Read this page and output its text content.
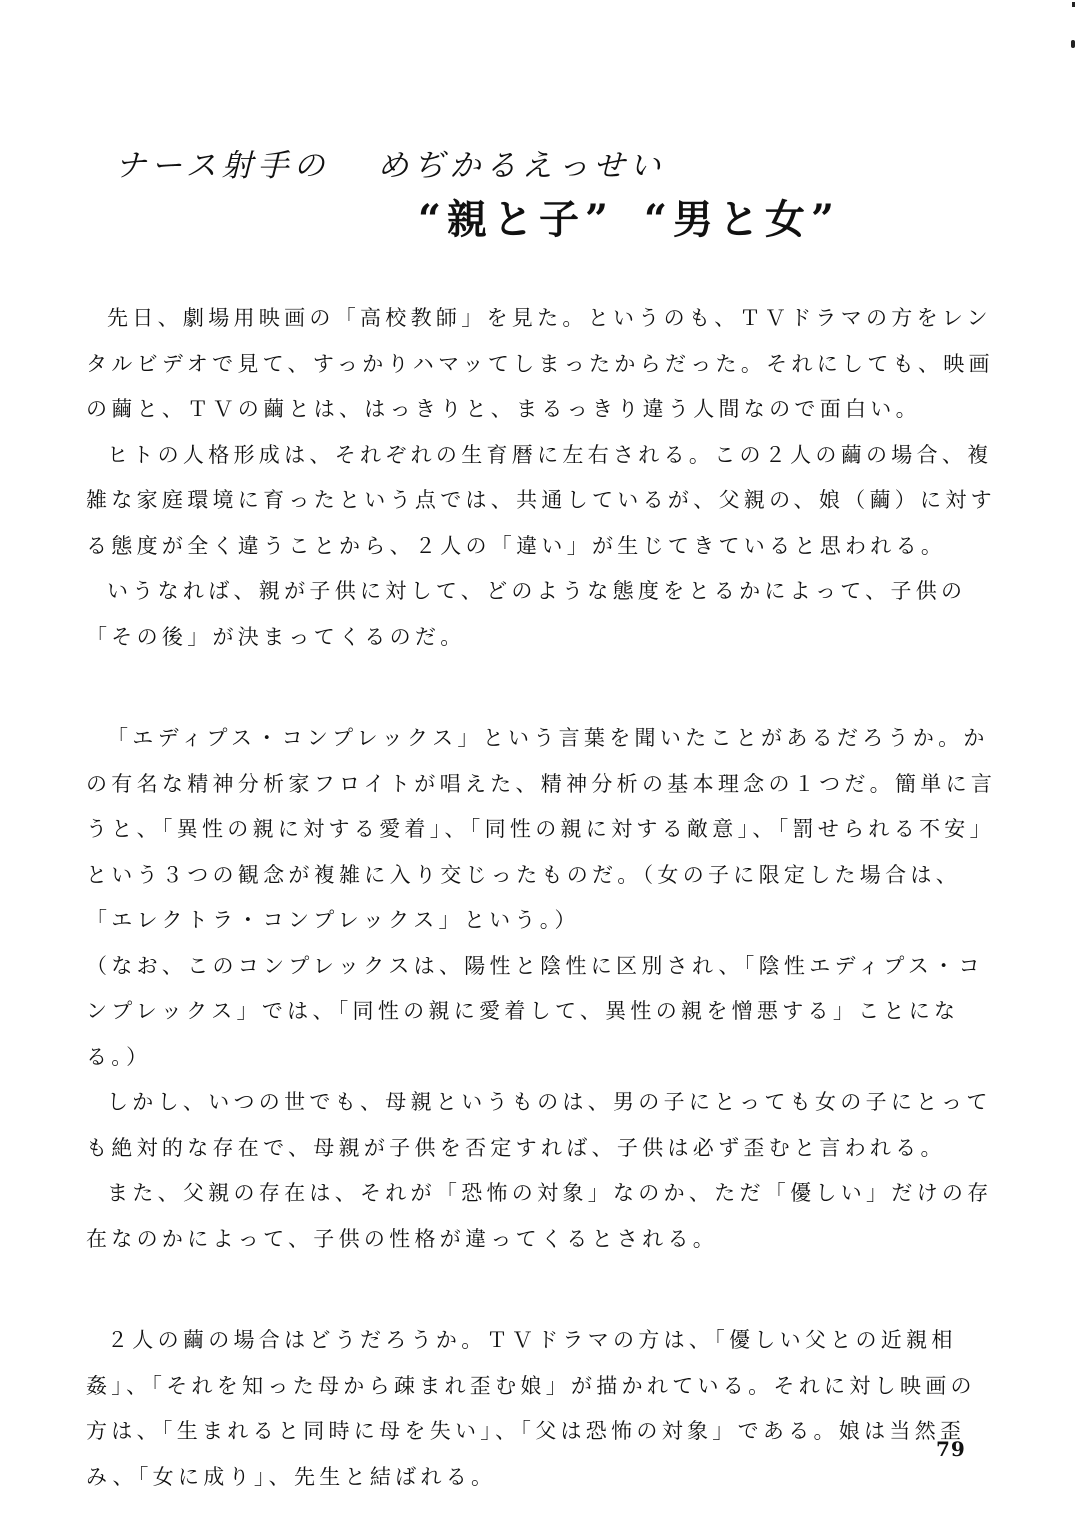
ナース射手の めぢかるえっせい
“親と子” “男と女”

先日、劇場用映画の「高校教師」を見た。というのも、ＴＶドラマの方をレンタルビデオで見て、すっかりハマッてしまったからだった。それにしても、映画の繭と、ＴＶの繭とは、はっきりと、まるっきり違う人間なので面白い。

ヒトの人格形成は、それぞれの生育暦に左右される。この２人の繭の場合、複雑な家庭環境に育ったという点では、共通しているが、父親の、娘（繭）に対する態度が全く違うことから、２人の「違い」が生じてきていると思われる。

いうなれば、親が子供に対して、どのような態度をとるかによって、子供の「その後」が決まってくるのだ。

「エディプス・コンプレックス」という言葉を聞いたことがあるだろうか。かの有名な精神分析家フロイトが唱えた、精神分析の基本理念の１つだ。簡単に言うと、「異性の親に対する愛着」、「同性の親に対する敵意」、「罰せられる不安」という３つの観念が複雑に入り交じったものだ。（女の子に限定した場合は、「エレクトラ・コンプレックス」という。）

（なお、このコンプレックスは、陽性と陰性に区別され、「陰性エディプス・コンプレックス」では、「同性の親に愛着して、異性の親を憎悪する」ことになる。）

しかし、いつの世でも、母親というものは、男の子にとっても女の子にとっても絶対的な存在で、母親が子供を否定すれば、子供は必ず歪むと言われる。

また、父親の存在は、それが「恐怖の対象」なのか、ただ「優しい」だけの存在なのかによって、子供の性格が違ってくるとされる。

２人の繭の場合はどうだろうか。ＴＶドラマの方は、「優しい父との近親相姦」、「それを知った母から疎まれ歪む娘」が描かれている。それに対し映画の方は、「生まれると同時に母を失い」、「父は恐怖の対象」である。娘は当然歪み、「女に成り」、先生と結ばれる。

79
